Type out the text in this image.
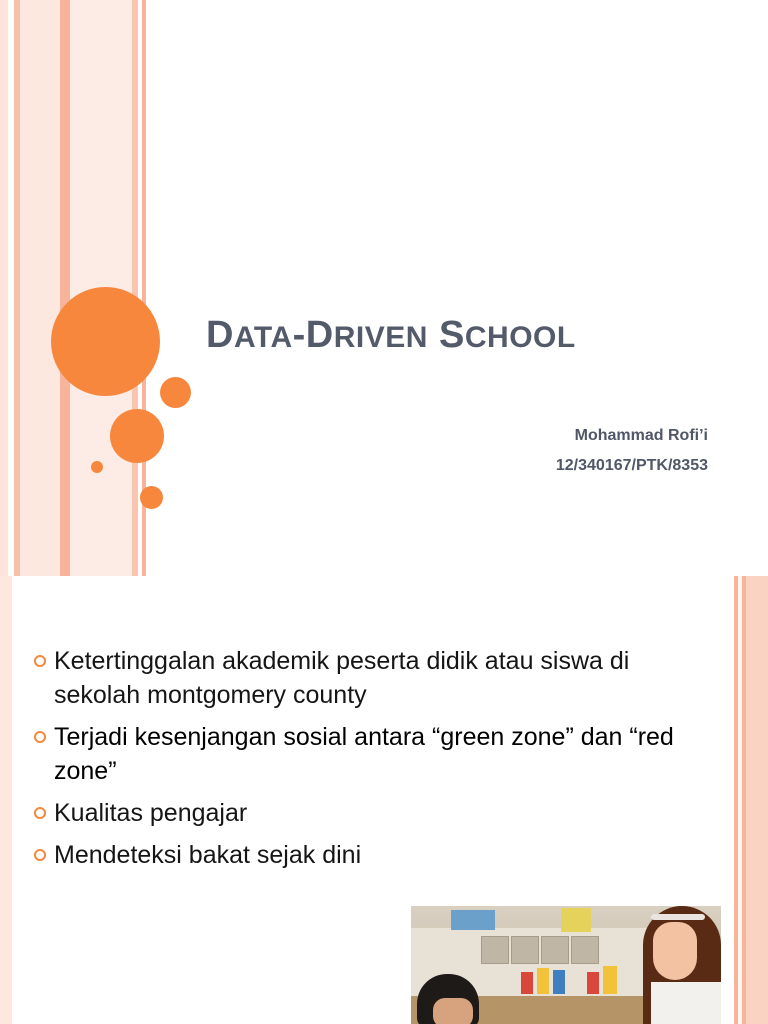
DATA-DRIVEN SCHOOL
Mohammad Rofi’i
12/340167/PTK/8353
Ketertinggalan akademik peserta didik atau siswa di sekolah montgomery county
Terjadi kesenjangan sosial antara “green zone” dan “red zone”
Kualitas pengajar
Mendeteksi bakat sejak dini
